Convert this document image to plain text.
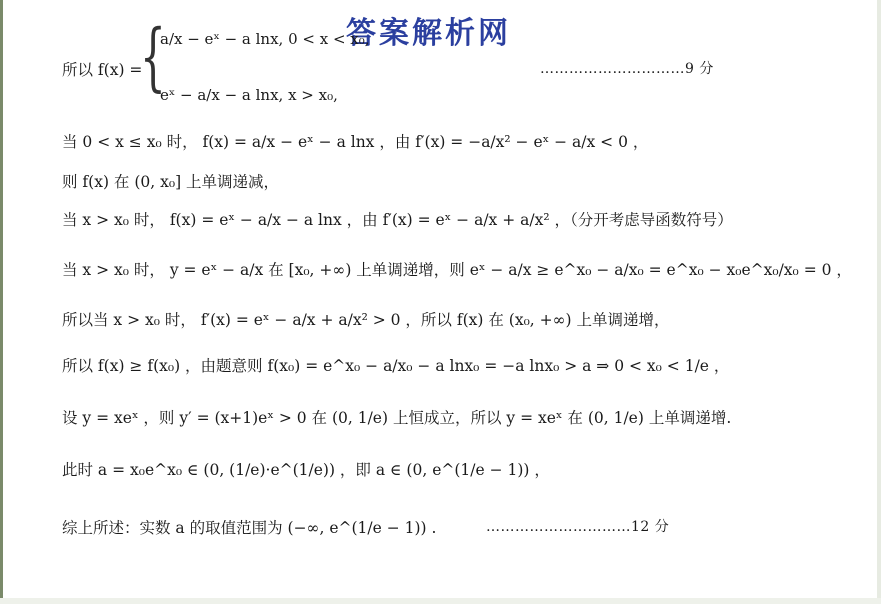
答案解析网
所以 f(x) =
{
a/x − eˣ − a lnx, 0 < x < x₀,
eˣ − a/x − a lnx, x > x₀,
…………………………9 分
当 0 < x ≤ x₀ 时， f(x) = a/x − eˣ − a lnx ，由 f′(x) = −a/x² − eˣ − a/x < 0 ，
则 f(x) 在 (0, x₀] 上单调递减，
当 x > x₀ 时， f(x) = eˣ − a/x − a lnx ，由 f′(x) = eˣ − a/x + a/x² ，（分开考虑导函数符号）
当 x > x₀ 时， y = eˣ − a/x 在 [x₀, +∞) 上单调递增，则 eˣ − a/x ≥ e^x₀ − a/x₀ = e^x₀ − x₀e^x₀/x₀ = 0 ，
所以当 x > x₀ 时， f′(x) = eˣ − a/x + a/x² > 0 ，所以 f(x) 在 (x₀, +∞) 上单调递增，
所以 f(x) ≥ f(x₀) ，由题意则 f(x₀) = e^x₀ − a/x₀ − a lnx₀ = −a lnx₀ > a ⇒ 0 < x₀ < 1/e ，
设 y = xeˣ ，则 y′ = (x+1)eˣ > 0 在 (0, 1/e) 上恒成立，所以 y = xeˣ 在 (0, 1/e) 上单调递增.
此时 a = x₀e^x₀ ∈ (0, (1/e)·e^(1/e)) ，即 a ∈ (0, e^(1/e − 1)) ，
综上所述：实数 a 的取值范围为 (−∞, e^(1/e − 1)) .	…………………………12 分
